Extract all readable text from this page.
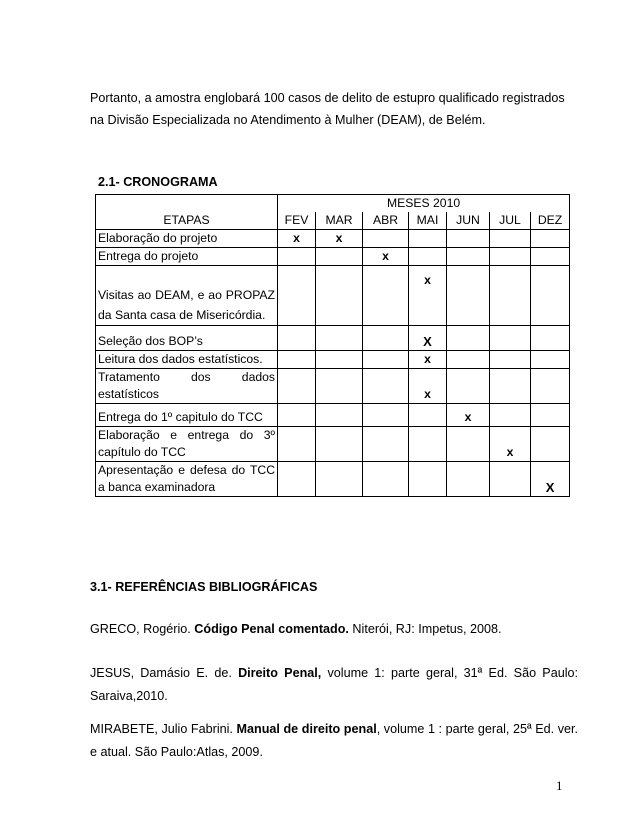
Portanto, a amostra englobará 100 casos de delito de estupro qualificado registrados na Divisão Especializada no Atendimento à Mulher (DEAM), de Belém.
2.1- CRONOGRAMA
ETAPAS	MESES 2010						
	FEV	MAR	ABR	MAI	JUN	JUL	DEZ
Elaboração do projeto	x	x					
Entrega do projeto			x				
Visitas ao DEAM, e ao PROPAZ da Santa casa de Misericórdia.				x			
Seleção dos BOP’s				X			
Leitura dos dados estatísticos.				x			
Tratamento dos dados estatísticos				x			
Entrega do 1º capitulo do TCC					x		
Elaboração e entrega do 3º capítulo do TCC						x	
Apresentação e defesa do TCC a banca examinadora							X
3.1- REFERÊNCIAS BIBLIOGRÁFICAS
GRECO, Rogério. Código Penal comentado. Niterói, RJ: Impetus, 2008.
JESUS, Damásio E. de. Direito Penal, volume 1: parte geral, 31ª Ed. São Paulo: Saraiva,2010.
MIRABETE, Julio Fabrini. Manual de direito penal, volume 1 : parte geral, 25ª Ed. ver. e atual. São Paulo:Atlas, 2009.
1
